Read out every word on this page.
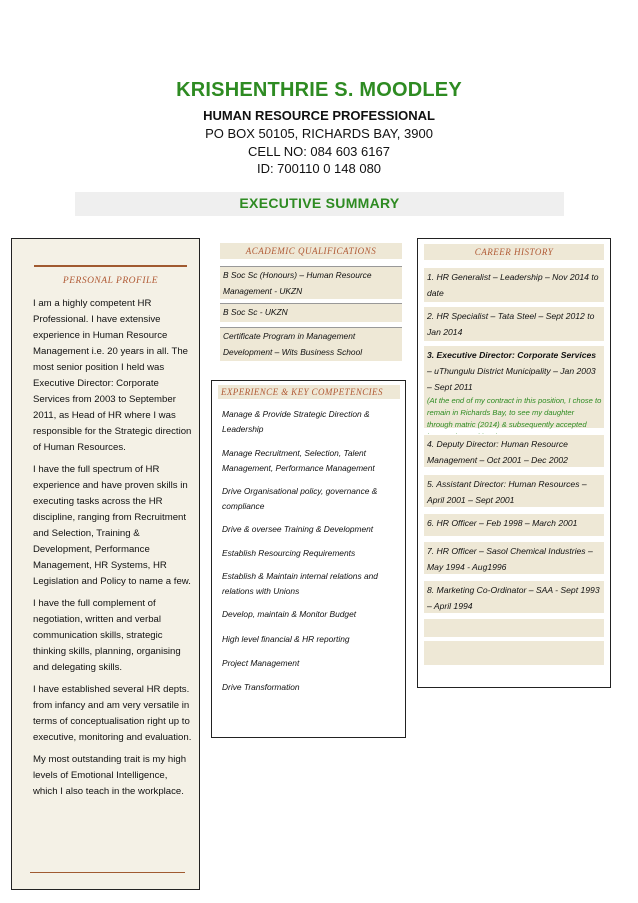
KRISHENTHRIE S. MOODLEY
HUMAN RESOURCE PROFESSIONAL
PO BOX 50105, RICHARDS BAY, 3900
CELL NO: 084 603 6167
ID: 700110 0 148 080
EXECUTIVE SUMMARY
PERSONAL PROFILE

I am a highly competent HR Professional. I have extensive experience in Human Resource Management i.e. 20 years in all. The most senior position I held was Executive Director: Corporate Services from 2003 to September 2011, as Head of HR where I was responsible for the Strategic direction of Human Resources.

I have the full spectrum of HR experience and have proven skills in executing tasks across the HR discipline, ranging from Recruitment and Selection, Training & Development, Performance Management, HR Systems, HR Legislation and Policy to name a few.

I have the full complement of negotiation, written and verbal communication skills, strategic thinking skills, planning, organising and delegating skills.

I have established several HR depts. from infancy and am very versatile in terms of conceptualisation right up to executive, monitoring and evaluation.

My most outstanding trait is my high levels of Emotional Intelligence, which I also teach in the workplace.

ACADEMIC QUALIFICATIONS
B Soc Sc (Honours) – Human Resource Management - UKZN
B Soc Sc - UKZN
Certificate Program in Management Development – Wits Business School
EXPERIENCE & KEY COMPETENCIES
Manage & Provide Strategic Direction & Leadership
Manage Recruitment, Selection, Talent Management, Performance Management
Drive Organisational policy, governance & compliance
Drive & oversee Training & Development
Establish Resourcing Requirements
Establish & Maintain internal relations and relations with Unions
Develop, maintain & Monitor Budget
High level financial & HR reporting
Project Management
Drive Transformation
CAREER HISTORY
1. HR Generalist – Leadership – Nov 2014 to date
2. HR Specialist – Tata Steel – Sept 2012 to Jan 2014
3. Executive Director: Corporate Services – uThungulu District Municipality – Jan 2003 – Sept 2011
(At the end of my contract in this position, I chose to remain in Richards Bay, to see my daughter through matric (2014) & subsequently accepted
4. Deputy Director: Human Resource Management – Oct 2001 – Dec 2002
5. Assistant Director: Human Resources – April 2001 – Sept 2001
6. HR Officer – Feb 1998 – March 2001
7. HR Officer – Sasol Chemical Industries – May 1994 - Aug1996
8. Marketing Co-Ordinator – SAA - Sept 1993 – April 1994
